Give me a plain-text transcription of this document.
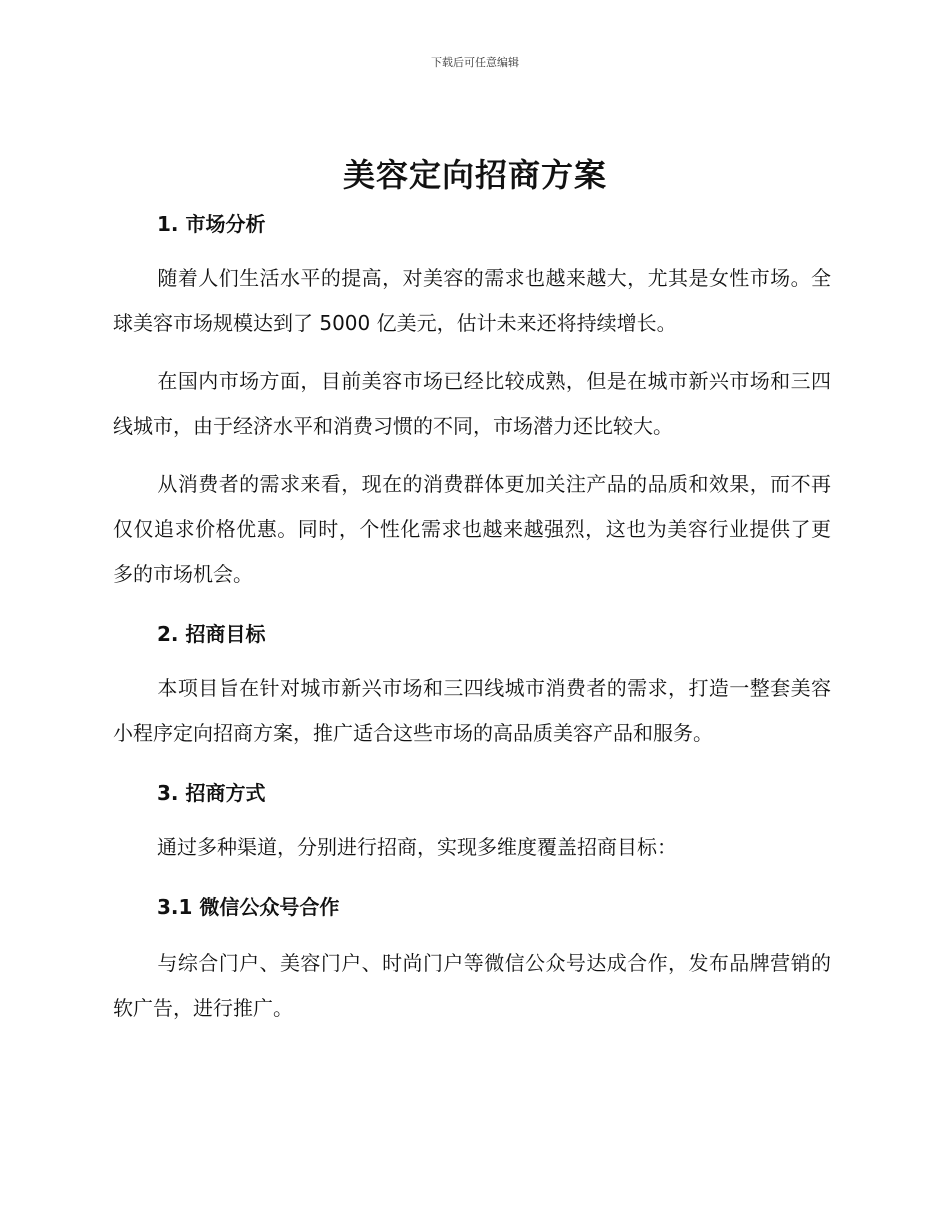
下载后可任意编辑
美容定向招商方案
1. 市场分析

随着人们生活水平的提高，对美容的需求也越来越大，尤其是女性市场。全球美容市场规模达到了 5000 亿美元，估计未来还将持续增长。

在国内市场方面，目前美容市场已经比较成熟，但是在城市新兴市场和三四线城市，由于经济水平和消费习惯的不同，市场潜力还比较大。

从消费者的需求来看，现在的消费群体更加关注产品的品质和效果，而不再仅仅追求价格优惠。同时，个性化需求也越来越强烈，这也为美容行业提供了更多的市场机会。

2. 招商目标

本项目旨在针对城市新兴市场和三四线城市消费者的需求，打造一整套美容小程序定向招商方案，推广适合这些市场的高品质美容产品和服务。

3. 招商方式

通过多种渠道，分别进行招商，实现多维度覆盖招商目标：

3.1 微信公众号合作

与综合门户、美容门户、时尚门户等微信公众号达成合作，发布品牌营销的软广告，进行推广。
